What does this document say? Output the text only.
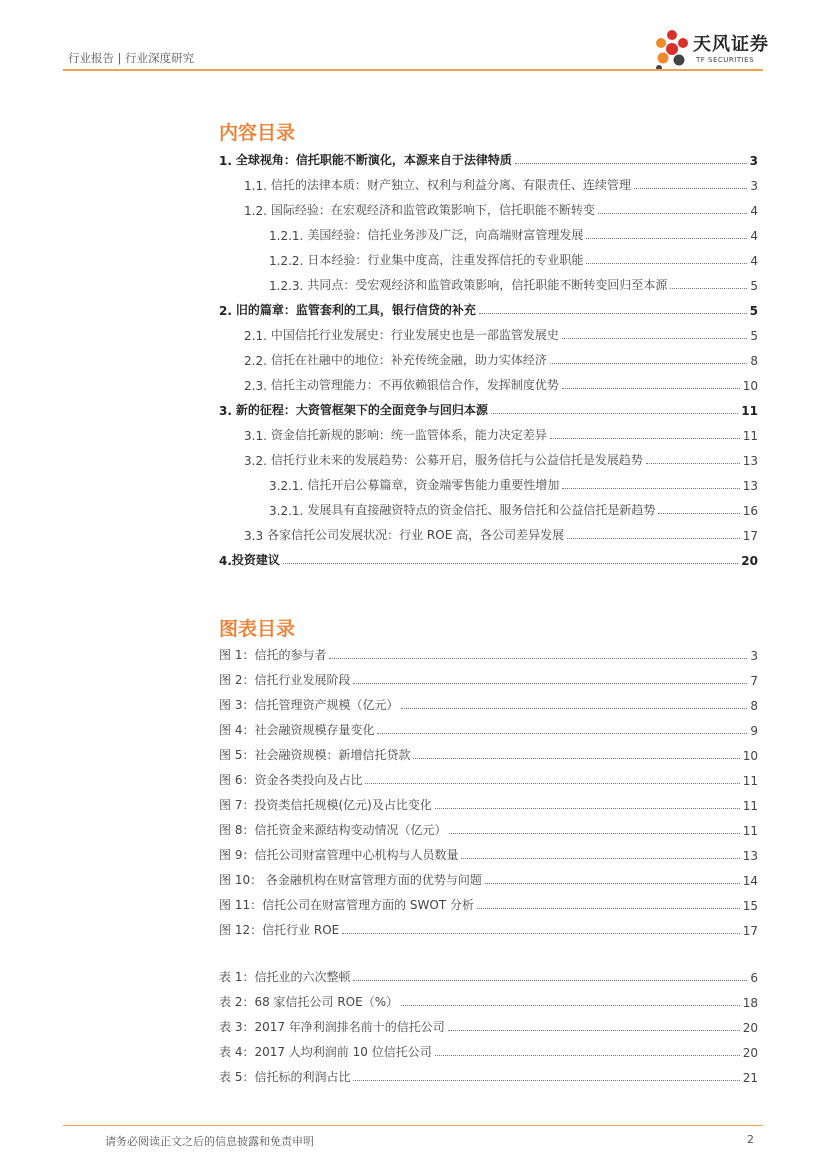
行业报告 | 行业深度研究
天风证券
TF SECURITIES
内容目录
1. 全球视角：信托职能不断演化，本源来自于法律特质	3
1.1. 信托的法律本质：财产独立、权利与利益分离、有限责任、连续管理	3
1.2. 国际经验：在宏观经济和监管政策影响下，信托职能不断转变	4
1.2.1. 美国经验：信托业务涉及广泛，向高端财富管理发展	4
1.2.2. 日本经验：行业集中度高，注重发挥信托的专业职能	4
1.2.3. 共同点：受宏观经济和监管政策影响，信托职能不断转变回归至本源	5
2. 旧的篇章：监管套利的工具，银行信贷的补充	5
2.1. 中国信托行业发展史：行业发展史也是一部监管发展史	5
2.2. 信托在社融中的地位：补充传统金融，助力实体经济	8
2.3. 信托主动管理能力：不再依赖银信合作，发挥制度优势	10
3. 新的征程：大资管框架下的全面竞争与回归本源	11
3.1. 资金信托新规的影响：统一监管体系，能力决定差异	11
3.2. 信托行业未来的发展趋势：公募开启，服务信托与公益信托是发展趋势	13
3.2.1. 信托开启公募篇章，资金端零售能力重要性增加	13
3.2.1. 发展具有直接融资特点的资金信托、服务信托和公益信托是新趋势	16
3.3 各家信托公司发展状况：行业 ROE 高，各公司差异发展	17
4. 投资建议	20
图表目录
图 1：信托的参与者	3
图 2：信托行业发展阶段	7
图 3：信托管理资产规模（亿元）	8
图 4：社会融资规模存量变化	9
图 5：社会融资规模：新增信托贷款	10
图 6：资金各类投向及占比	11
图 7：投资类信托规模(亿元)及占比变化	11
图 8：信托资金来源结构变动情况（亿元）	11
图 9：信托公司财富管理中心机构与人员数量	13
图 10： 各金融机构在财富管理方面的优势与问题	14
图 11：信托公司在财富管理方面的 SWOT 分析	15
图 12：信托行业 ROE	17
表 1：信托业的六次整顿	6
表 2：68 家信托公司 ROE（%）	18
表 3：2017 年净利润排名前十的信托公司	20
表 4：2017 人均利润前 10 位信托公司	20
表 5：信托标的利润占比	21
请务必阅读正文之后的信息披露和免责申明	2
